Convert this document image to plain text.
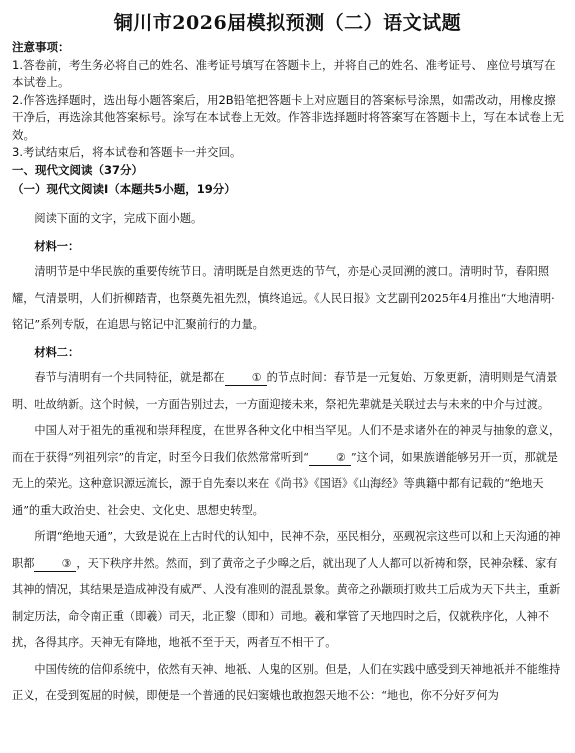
铜川市2026届模拟预测（二）语文试题
注意事项：
1.答卷前，考生务必将自己的姓名、准考证号填写在答题卡上，并将自己的姓名、准考证号、 座位号填写在本试卷上。
2.作答选择题时，选出每小题答案后，用2B铅笔把答题卡上对应题目的答案标号涂黑，如需改动，用橡皮擦干净后，再选涂其他答案标号。涂写在本试卷上无效。作答非选择题时将答案写在答题卡上，写在本试卷上无效。
3.考试结束后，将本试卷和答题卡一并交回。
一、现代文阅读（37分）
（一）现代文阅读Ⅰ（本题共5小题，19分）

阅读下面的文字，完成下面小题。

材料一：

清明节是中华民族的重要传统节日。清明既是自然更迭的节气，亦是心灵回溯的渡口。清明时节，春阳照耀，气清景明，人们折柳踏青，也祭奠先祖先烈，慎终追远。《人民日报》文艺副刊2025年4月推出“大地清明·铭记”系列专版，在追思与铭记中汇聚前行的力量。

材料二：

春节与清明有一个共同特征，就是都在 ① 的节点时间：春节是一元复始、万象更新，清明则是气清景明、吐故纳新。这个时候，一方面告别过去，一方面迎接未来，祭祀先辈就是关联过去与未来的中介与过渡。

中国人对于祖先的重视和崇拜程度，在世界各种文化中相当罕见。人们不是求诸外在的神灵与抽象的意义，而在于获得“列祖列宗”的肯定，时至今日我们依然常常听到“ ② ”这个词，如果族谱能够另开一页，那就是无上的荣光。这种意识源远流长，源于自先秦以来在《尚书》《国语》《山海经》等典籍中都有记载的“绝地天通”的重大政治史、社会史、文化史、思想史转型。

所谓“绝地天通”，大致是说在上古时代的认知中，民神不杂，巫民相分，巫觋祝宗这些可以和上天沟通的神职都 ③ ，天下秩序井然。然而，到了黄帝之子少暤之后，就出现了人人都可以祈祷和祭，民神杂糅、家有其神的情况，其结果是造成神没有威严、人没有准则的混乱景象。黄帝之孙颛顼打败共工后成为天下共主，重新制定历法，命令南正重（即羲）司天，北正黎（即和）司地。羲和掌管了天地四时之后，仅就秩序化，人神不扰，各得其序。天神无有降地，地祇不至于天，两者互不相干了。

中国传统的信仰系统中，依然有天神、地祇、人鬼的区别。但是，人们在实践中感受到天神地祇并不能维持正义，在受到冤屈的时候，即便是一个普通的民妇窦娥也敢抱怨天地不公：“地也，你不分好歹何为
